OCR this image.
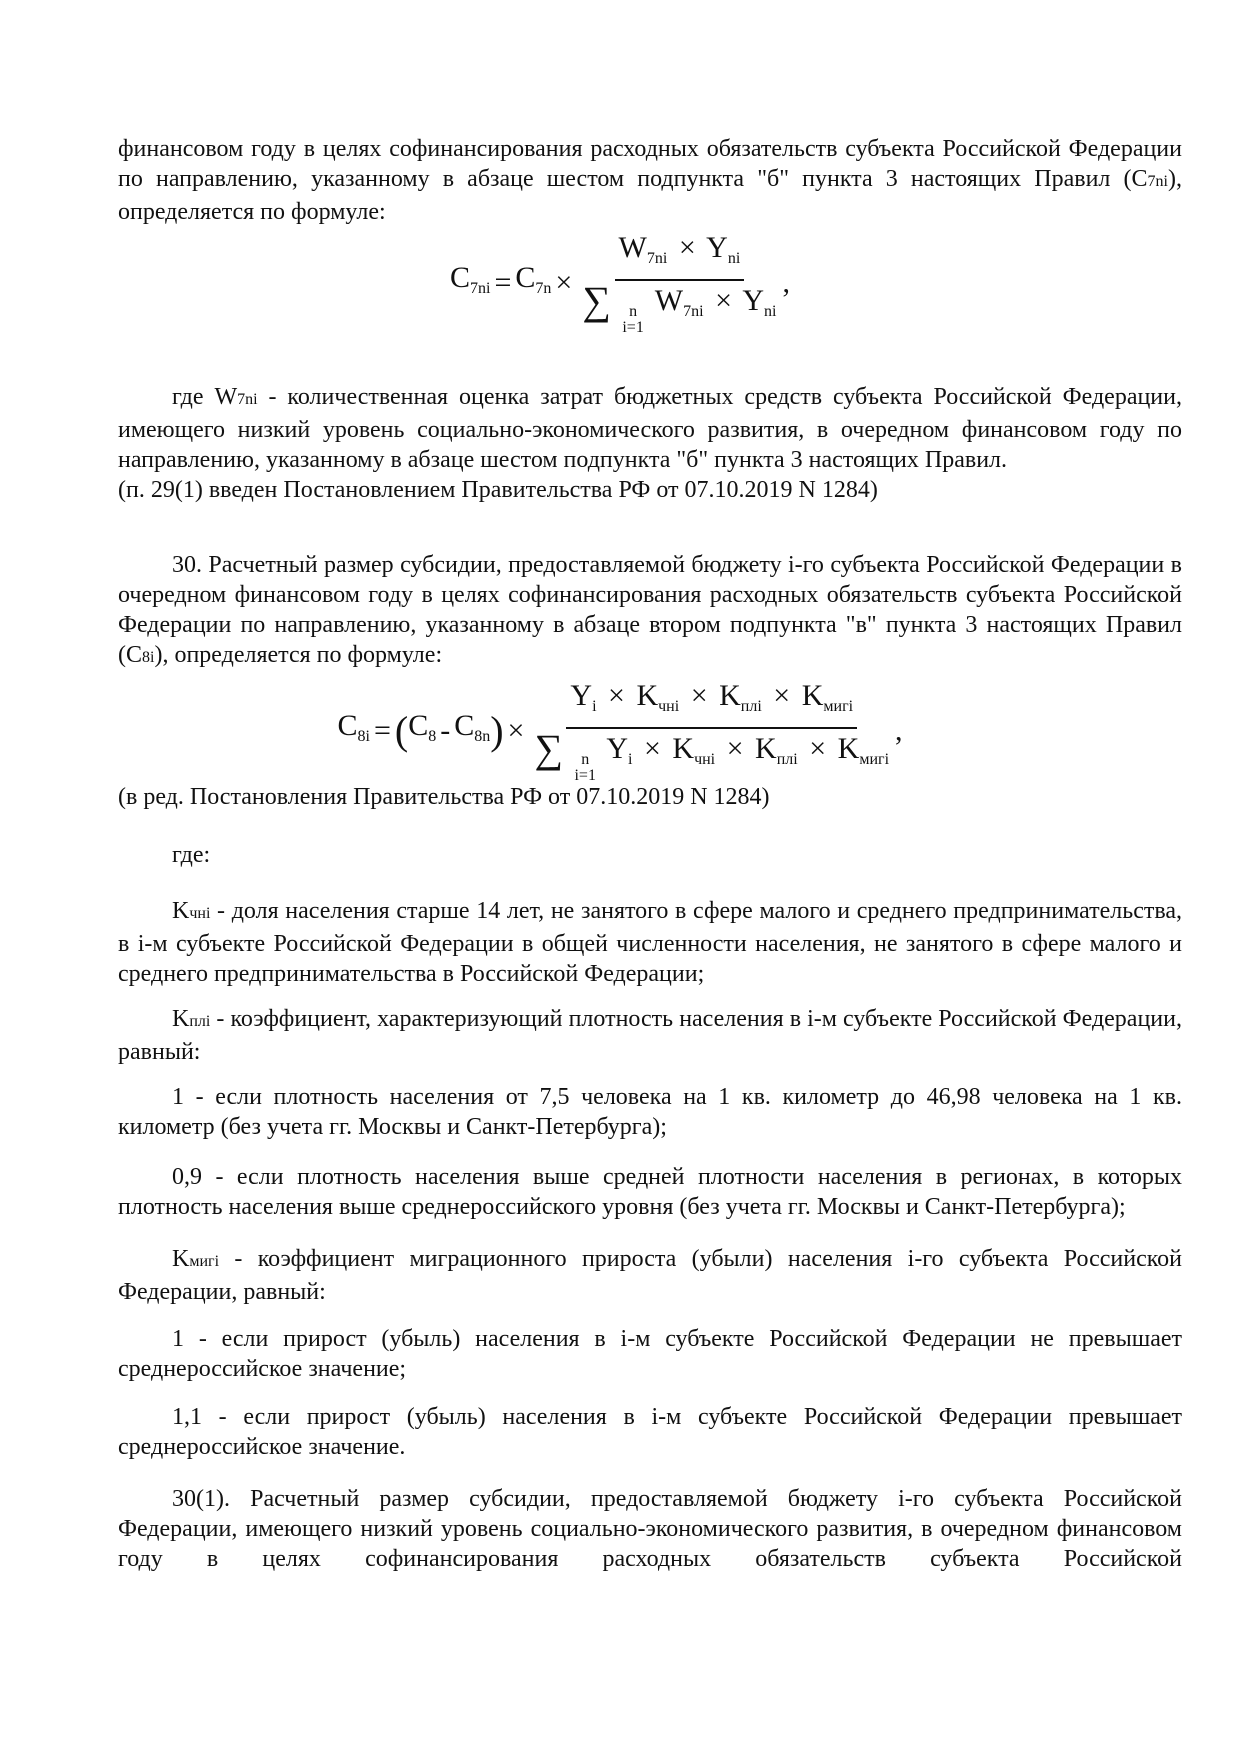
финансовом году в целях софинансирования расходных обязательств субъекта Российской Федерации по направлению, указанному в абзаце шестом подпункта "б" пункта 3 настоящих Правил (C7ni), определяется по формуле:

$C_{7ni} = C_{7n} \times W_{7ni} \times Y_{ni}$
∑	n
i=1
$W_{7ni} \times Y_{ni}$ ,

где W7ni - количественная оценка затрат бюджетных средств субъекта Российской Федерации, имеющего низкий уровень социально-экономического развития, в очередном финансовом году по направлению, указанному в абзаце шестом подпункта "б" пункта 3 настоящих Правил.

(п. 29(1) введен Постановлением Правительства РФ от 07.10.2019 N 1284)

30. Расчетный размер субсидии, предоставляемой бюджету i-го субъекта Российской Федерации в очередном финансовом году в целях софинансирования расходных обязательств субъекта Российской Федерации по направлению, указанному в абзаце втором подпункта "в" пункта 3 настоящих Правил (C8i), определяется по формуле:

$C_{8i}$ = ( $C_8 - C_{8n}$ ) ×
$Y_i \times K_{чнi} \times K_{плi} \times K_{мигi}$
∑	n
i=1
$Y_i \times K_{чнi} \times K_{плi} \times K_{мигi}$
,

(в ред. Постановления Правительства РФ от 07.10.2019 N 1284)

где:

Kчнi - доля населения старше 14 лет, не занятого в сфере малого и среднего предпринимательства, в i-м субъекте Российской Федерации в общей численности населения, не занятого в сфере малого и среднего предпринимательства в Российской Федерации;

Kплi - коэффициент, характеризующий плотность населения в i-м субъекте Российской Федерации, равный:

1 - если плотность населения от 7,5 человека на 1 кв. километр до 46,98 человека на 1 кв. километр (без учета гг. Москвы и Санкт-Петербурга);

0,9 - если плотность населения выше средней плотности населения в регионах, в которых плотность населения выше среднероссийского уровня (без учета гг. Москвы и Санкт-Петербурга);

Kмигi - коэффициент миграционного прироста (убыли) населения i-го субъекта Российской Федерации, равный:

1 - если прирост (убыль) населения в i-м субъекте Российской Федерации не превышает среднероссийское значение;

1,1 - если прирост (убыль) населения в i-м субъекте Российской Федерации превышает среднероссийское значение.

30(1). Расчетный размер субсидии, предоставляемой бюджету i-го субъекта Российской Федерации, имеющего низкий уровень социально-экономического развития, в очередном финансовом году в целях софинансирования расходных обязательств субъекта Российской
